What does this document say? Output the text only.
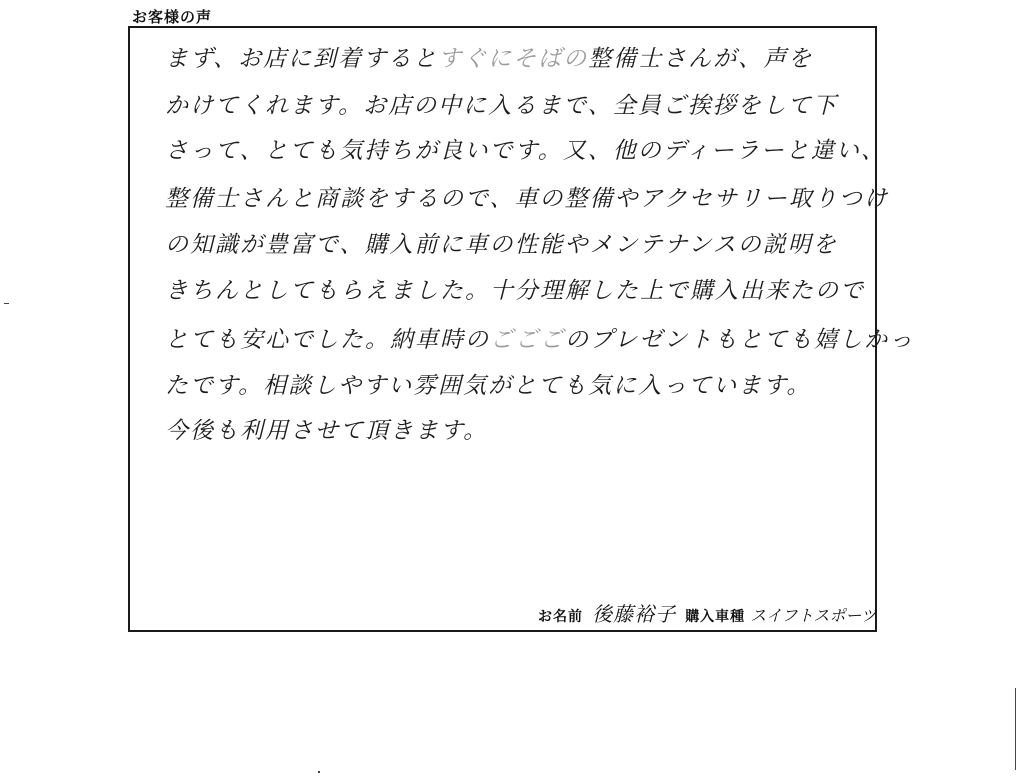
お客様の声
まず、お店に到着するとすぐにそばの整備士さんが、声を
かけてくれます。お店の中に入るまで、全員ご挨拶をして下
さって、とても気持ちが良いです。又、他のディーラーと違い、
整備士さんと商談をするので、車の整備やアクセサリー取りつけ
の知識が豊富で、購入前に車の性能やメンテナンスの説明を
きちんとしてもらえました。十分理解した上で購入出来たので
とても安心でした。納車時のごごごのプレゼントもとても嬉しかっ
たです。相談しやすい雰囲気がとても気に入っています。
今後も利用させて頂きます。
お名前 後藤裕子 購入車種 スイフトスポーツ
